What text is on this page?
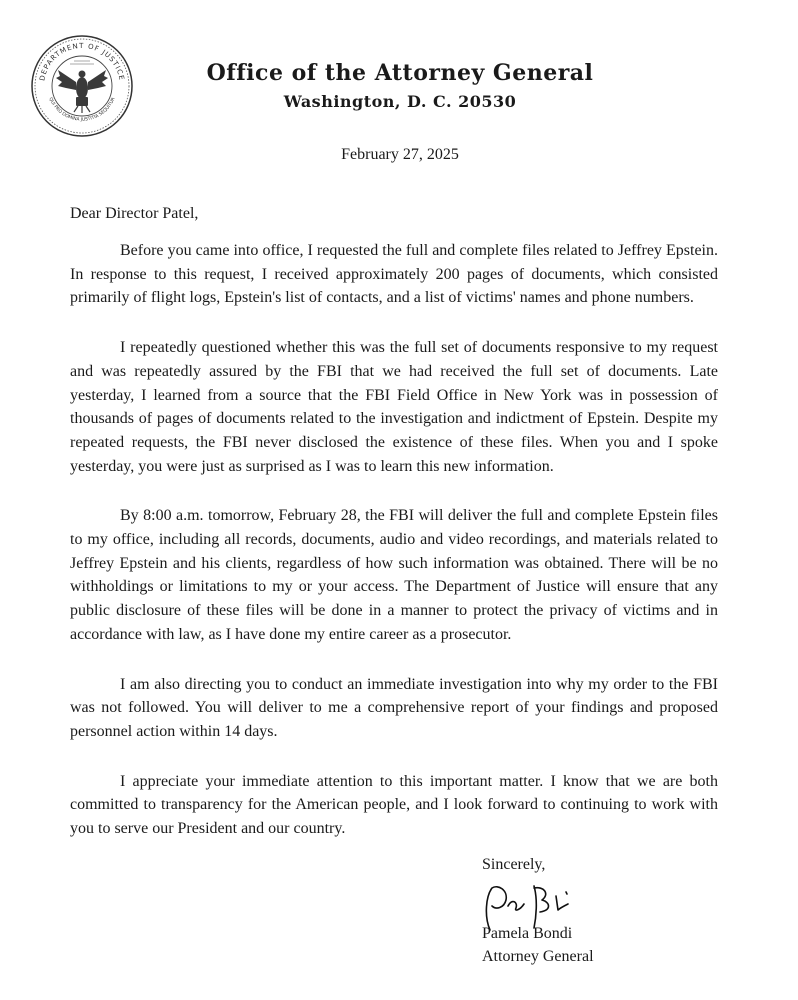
DEPARTMENT OF JUSTICE
QUI PRO DOMINA JUSTITIA SEQUITUR
Office of the Attorney General
Washington, D. C. 20530
February 27, 2025
Dear Director Patel,

Before you came into office, I requested the full and complete files related to Jeffrey Epstein. In response to this request, I received approximately 200 pages of documents, which consisted primarily of flight logs, Epstein's list of contacts, and a list of victims' names and phone numbers.

I repeatedly questioned whether this was the full set of documents responsive to my request and was repeatedly assured by the FBI that we had received the full set of documents. Late yesterday, I learned from a source that the FBI Field Office in New York was in possession of thousands of pages of documents related to the investigation and indictment of Epstein. Despite my repeated requests, the FBI never disclosed the existence of these files. When you and I spoke yesterday, you were just as surprised as I was to learn this new information.

By 8:00 a.m. tomorrow, February 28, the FBI will deliver the full and complete Epstein files to my office, including all records, documents, audio and video recordings, and materials related to Jeffrey Epstein and his clients, regardless of how such information was obtained. There will be no withholdings or limitations to my or your access. The Department of Justice will ensure that any public disclosure of these files will be done in a manner to protect the privacy of victims and in accordance with law, as I have done my entire career as a prosecutor.

I am also directing you to conduct an immediate investigation into why my order to the FBI was not followed. You will deliver to me a comprehensive report of your findings and proposed personnel action within 14 days.

I appreciate your immediate attention to this important matter. I know that we are both committed to transparency for the American people, and I look forward to continuing to work with you to serve our President and our country.

Sincerely,
Pamela Bondi
Attorney General
